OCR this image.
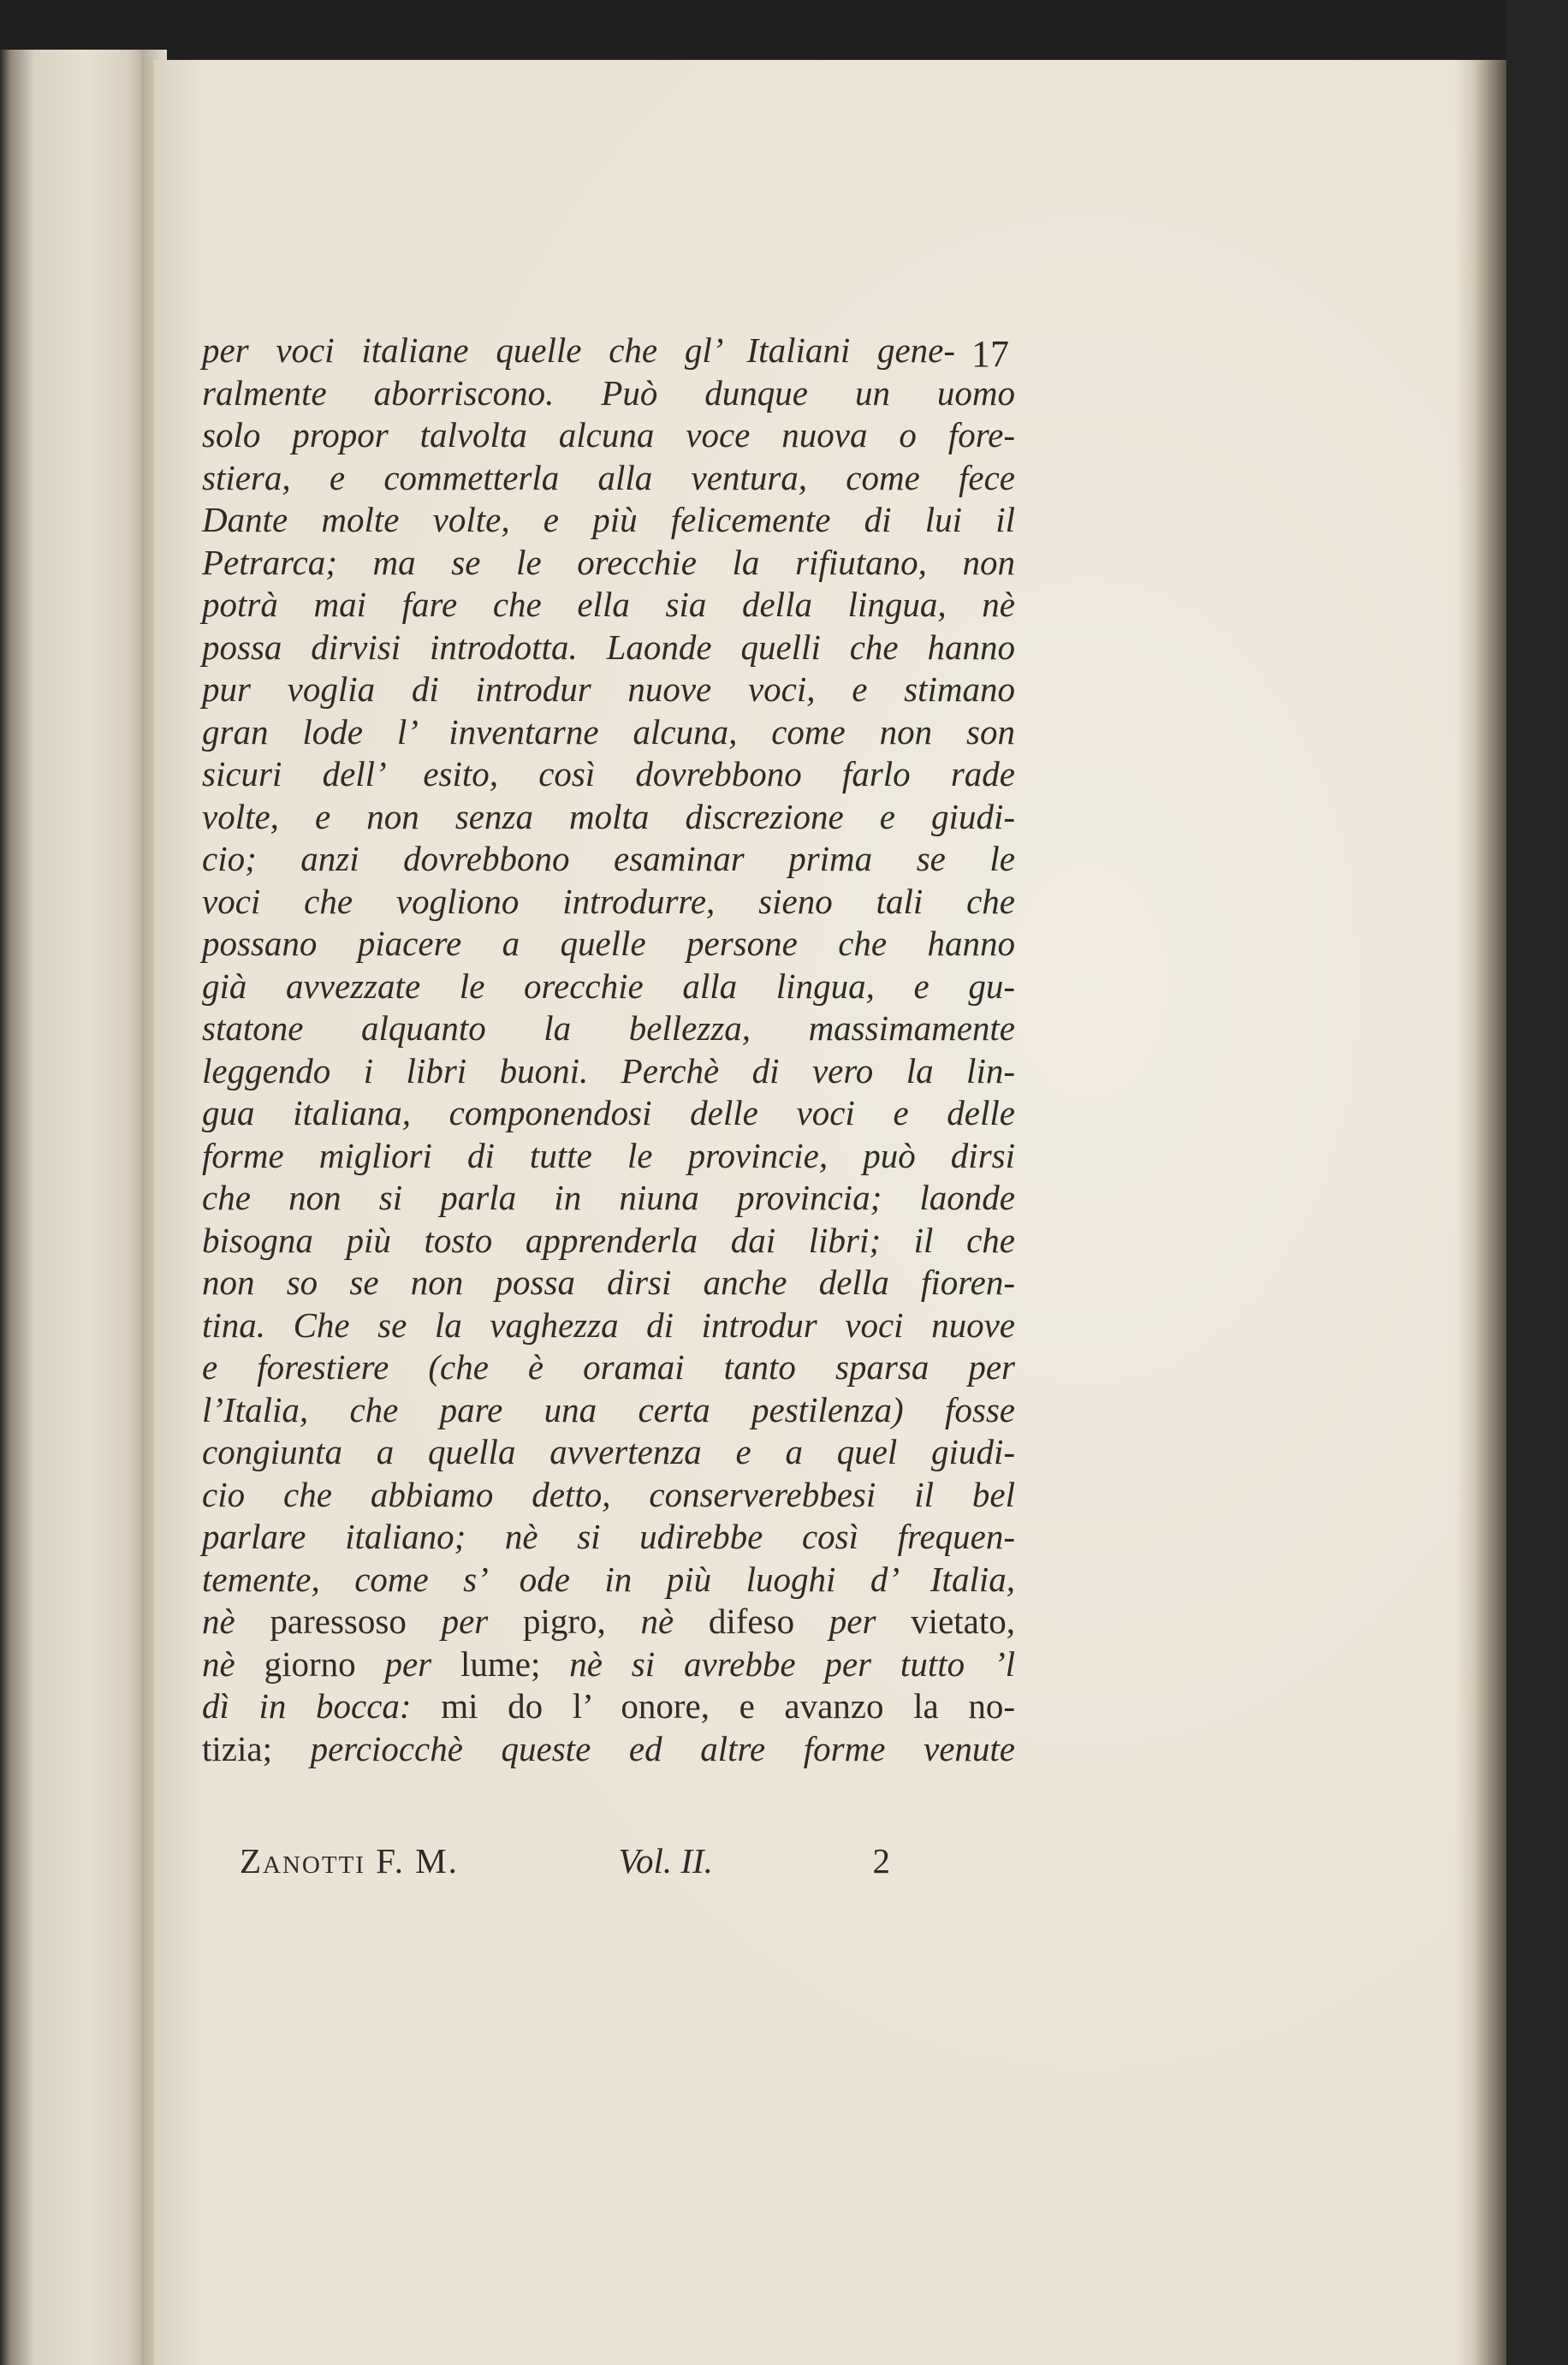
17
per voci italiane quelle che gl’ Italiani gene-
ralmente aborriscono. Può dunque un uomo
solo propor talvolta alcuna voce nuova o fore-
stiera, e commetterla alla ventura, come fece
Dante molte volte, e più felicemente di lui il
Petrarca; ma se le orecchie la rifiutano, non
potrà mai fare che ella sia della lingua, nè
possa dirvisi introdotta. Laonde quelli che hanno
pur voglia di introdur nuove voci, e stimano
gran lode l’ inventarne alcuna, come non son
sicuri dell’ esito, così dovrebbono farlo rade
volte, e non senza molta discrezione e giudi-
cio; anzi dovrebbono esaminar prima se le
voci che vogliono introdurre, sieno tali che
possano piacere a quelle persone che hanno
già avvezzate le orecchie alla lingua, e gu-
statone alquanto la bellezza, massimamente
leggendo i libri buoni. Perchè di vero la lin-
gua italiana, componendosi delle voci e delle
forme migliori di tutte le provincie, può dirsi
che non si parla in niuna provincia; laonde
bisogna più tosto apprenderla dai libri; il che
non so se non possa dirsi anche della fioren-
tina. Che se la vaghezza di introdur voci nuove
e forestiere (che è oramai tanto sparsa per
l’Italia, che pare una certa pestilenza) fosse
congiunta a quella avvertenza e a quel giudi-
cio che abbiamo detto, conserverebbesi il bel
parlare italiano; nè si udirebbe così frequen-
temente, come s’ ode in più luoghi d’ Italia,
nè paressoso per pigro, nè difeso per vietato,
nè giorno per lume; nè si avrebbe per tutto ’l
dì in bocca: mi do l’ onore, e avanzo la no-
tizia; perciocchè queste ed altre forme venute
Zanotti F. M.	Vol. II.	2
